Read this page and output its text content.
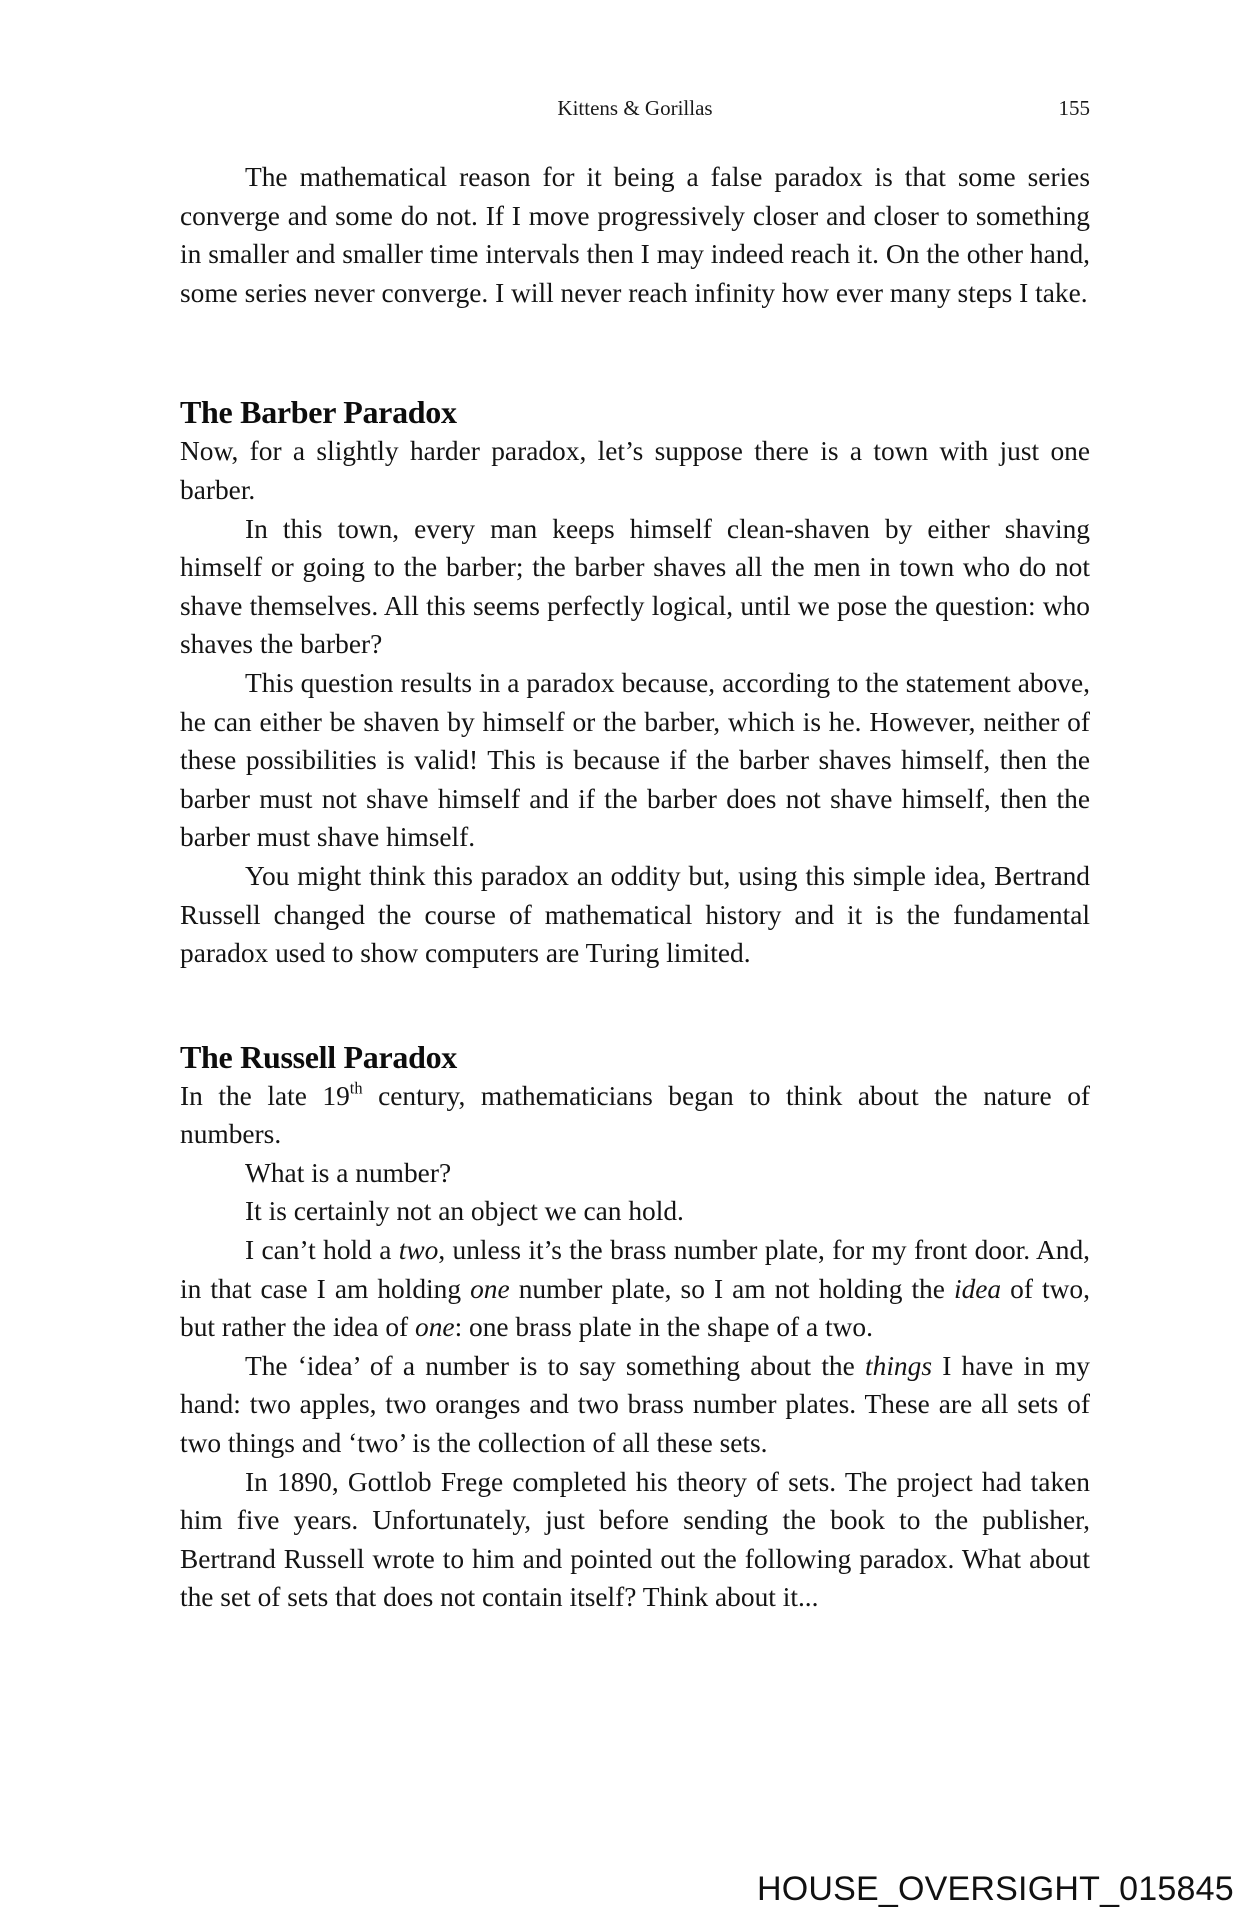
Kittens & Gorillas	155

The mathematical reason for it being a false paradox is that some series converge and some do not. If I move progressively closer and closer to something in smaller and smaller time intervals then I may indeed reach it. On the other hand, some series never converge. I will never reach infinity how ever many steps I take.

The Barber Paradox

Now, for a slightly harder paradox, let’s suppose there is a town with just one barber.

In this town, every man keeps himself clean-shaven by either shaving himself or going to the barber; the barber shaves all the men in town who do not shave themselves. All this seems perfectly logical, until we pose the question: who shaves the barber?

This question results in a paradox because, according to the statement above, he can either be shaven by himself or the barber, which is he. However, neither of these possibilities is valid! This is because if the barber shaves himself, then the barber must not shave himself and if the barber does not shave himself, then the barber must shave himself.

You might think this paradox an oddity but, using this simple idea, Bertrand Russell changed the course of mathematical history and it is the fundamental paradox used to show computers are Turing limited.

The Russell Paradox

In the late 19th century, mathematicians began to think about the nature of numbers.

What is a number?

It is certainly not an object we can hold.

I can’t hold a two, unless it’s the brass number plate, for my front door. And, in that case I am holding one number plate, so I am not holding the idea of two, but rather the idea of one: one brass plate in the shape of a two.

The ‘idea’ of a number is to say something about the things I have in my hand: two apples, two oranges and two brass number plates. These are all sets of two things and ‘two’ is the collection of all these sets.

In 1890, Gottlob Frege completed his theory of sets. The project had taken him five years. Unfortunately, just before sending the book to the publisher, Bertrand Russell wrote to him and pointed out the following paradox. What about the set of sets that does not contain itself? Think about it...

HOUSE_OVERSIGHT_015845
